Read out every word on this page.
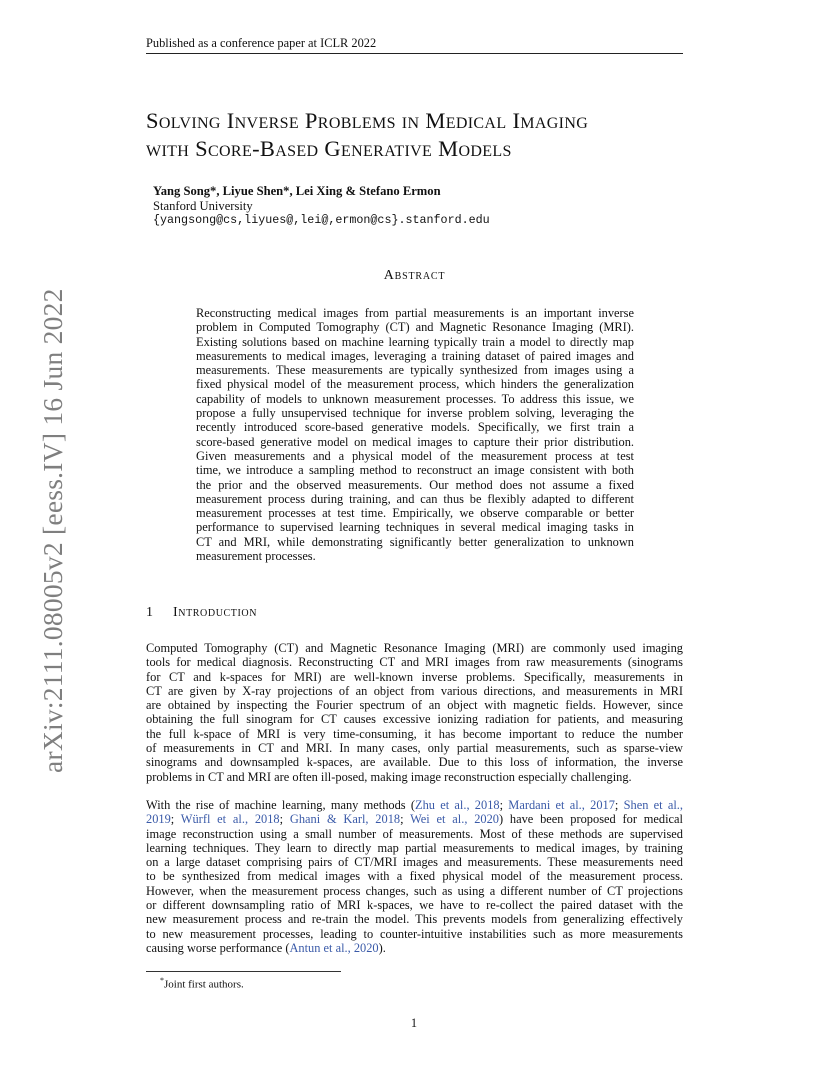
Published as a conference paper at ICLR 2022
Solving Inverse Problems in Medical Imaging
with Score-Based Generative Models
Yang Song*, Liyue Shen*, Lei Xing & Stefano Ermon
Stanford University
{yangsong@cs,liyues@,lei@,ermon@cs}.stanford.edu
Abstract
Reconstructing medical images from partial measurements is an important inverse
problem in Computed Tomography (CT) and Magnetic Resonance Imaging (MRI).
Existing solutions based on machine learning typically train a model to directly map
measurements to medical images, leveraging a training dataset of paired images and
measurements. These measurements are typically synthesized from images using a
fixed physical model of the measurement process, which hinders the generalization
capability of models to unknown measurement processes. To address this issue, we
propose a fully unsupervised technique for inverse problem solving, leveraging the
recently introduced score-based generative models. Specifically, we first train a
score-based generative model on medical images to capture their prior distribution.
Given measurements and a physical model of the measurement process at test
time, we introduce a sampling method to reconstruct an image consistent with both
the prior and the observed measurements. Our method does not assume a fixed
measurement process during training, and can thus be flexibly adapted to different
measurement processes at test time. Empirically, we observe comparable or better
performance to supervised learning techniques in several medical imaging tasks in
CT and MRI, while demonstrating significantly better generalization to unknown
measurement processes.
1 Introduction
Computed Tomography (CT) and Magnetic Resonance Imaging (MRI) are commonly used imaging
tools for medical diagnosis. Reconstructing CT and MRI images from raw measurements (sinograms
for CT and k-spaces for MRI) are well-known inverse problems. Specifically, measurements in
CT are given by X-ray projections of an object from various directions, and measurements in MRI
are obtained by inspecting the Fourier spectrum of an object with magnetic fields. However, since
obtaining the full sinogram for CT causes excessive ionizing radiation for patients, and measuring
the full k-space of MRI is very time-consuming, it has become important to reduce the number
of measurements in CT and MRI. In many cases, only partial measurements, such as sparse-view
sinograms and downsampled k-spaces, are available. Due to this loss of information, the inverse
problems in CT and MRI are often ill-posed, making image reconstruction especially challenging.
With the rise of machine learning, many methods (Zhu et al., 2018; Mardani et al., 2017; Shen et al.,
2019; Würfl et al., 2018; Ghani & Karl, 2018; Wei et al., 2020) have been proposed for medical
image reconstruction using a small number of measurements. Most of these methods are supervised
learning techniques. They learn to directly map partial measurements to medical images, by training
on a large dataset comprising pairs of CT/MRI images and measurements. These measurements need
to be synthesized from medical images with a fixed physical model of the measurement process.
However, when the measurement process changes, such as using a different number of CT projections
or different downsampling ratio of MRI k-spaces, we have to re-collect the paired dataset with the
new measurement process and re-train the model. This prevents models from generalizing effectively
to new measurement processes, leading to counter-intuitive instabilities such as more measurements
causing worse performance (Antun et al., 2020).
*Joint first authors.
1
arXiv:2111.08005v2 [eess.IV] 16 Jun 2022
